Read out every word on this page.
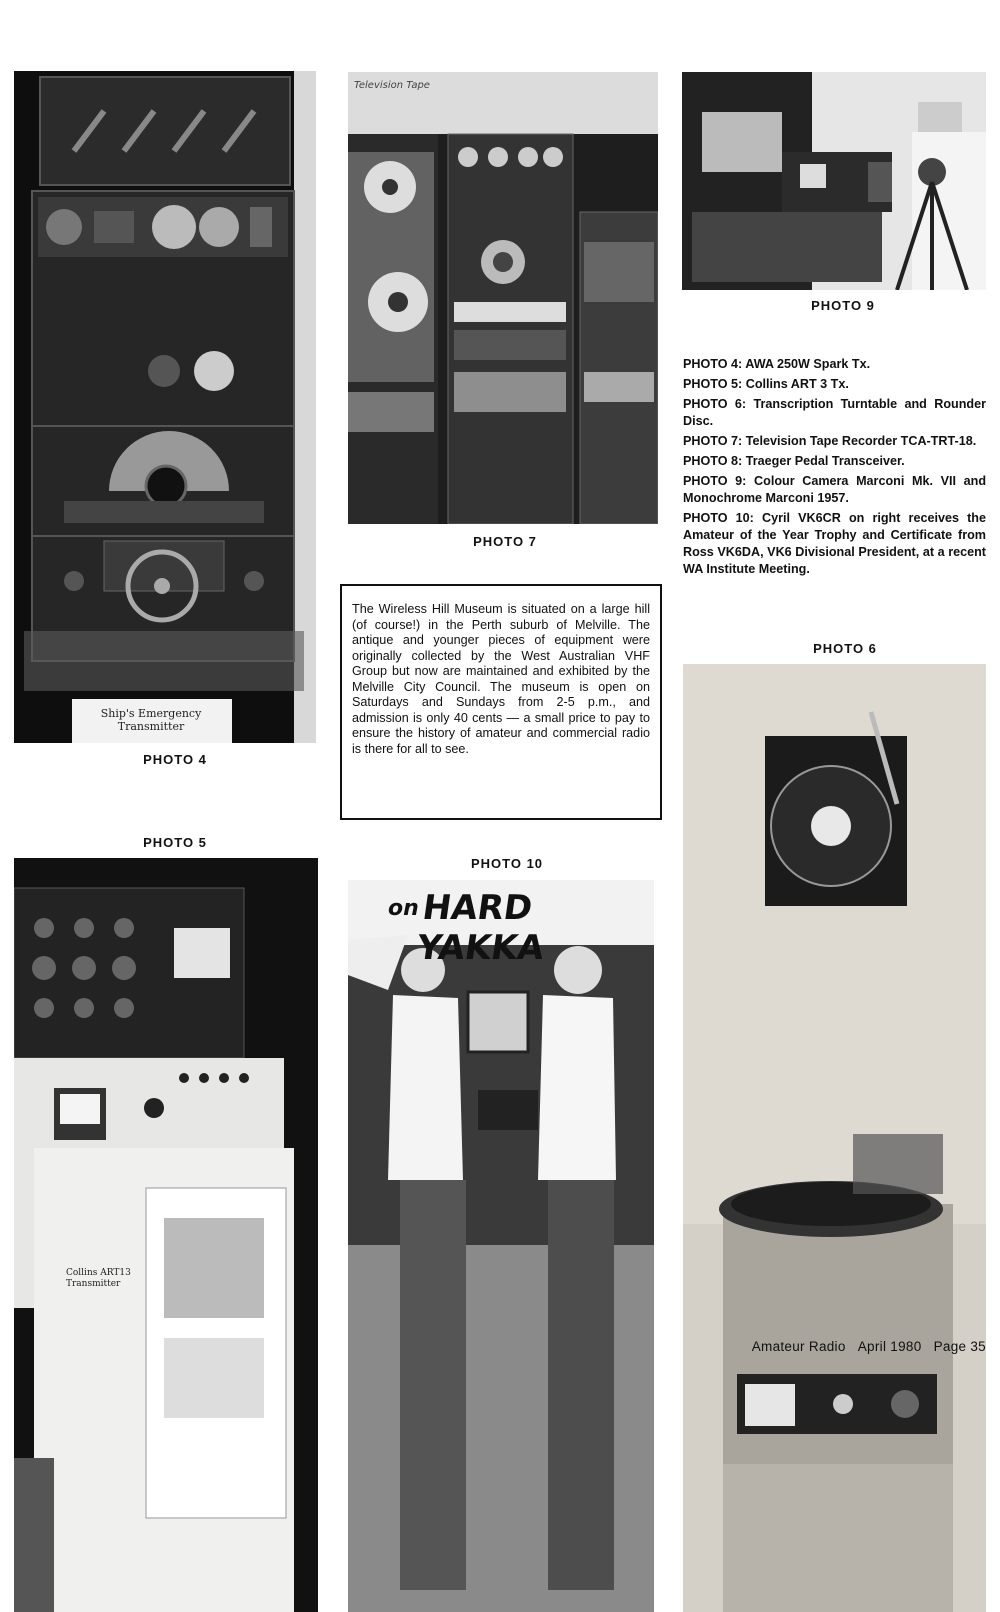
Ship's Emergency
Transmitter
PHOTO 4
Television Tape
PHOTO 7
PHOTO 9
PHOTO 4: AWA 250W Spark Tx.
PHOTO 5: Collins ART 3 Tx.
PHOTO 6: Transcription Turntable and Rounder Disc.
PHOTO 7: Television Tape Recorder TCA-TRT-18.
PHOTO 8: Traeger Pedal Transceiver.
PHOTO 9: Colour Camera Marconi Mk. VII and Monochrome Marconi 1957.
PHOTO 10: Cyril VK6CR on right receives the Amateur of the Year Trophy and Certificate from Ross VK6DA, VK6 Divisional President, at a recent WA Institute Meeting.
PHOTO 6
The Wireless Hill Museum is situated on a large hill (of course!) in the Perth suburb of Melville. The antique and younger pieces of equipment were originally collected by the West Australian VHF Group but now are maintained and exhibited by the Melville City Council. The museum is open on Saturdays and Sundays from 2-5 p.m., and admission is only 40 cents — a small price to pay to ensure the history of amateur and commercial radio is there for all to see.
PHOTO 5
Collins ART13
Transmitter
PHOTO 10
on HARD YAKKA
Amateur Radio April 1980 Page 35
